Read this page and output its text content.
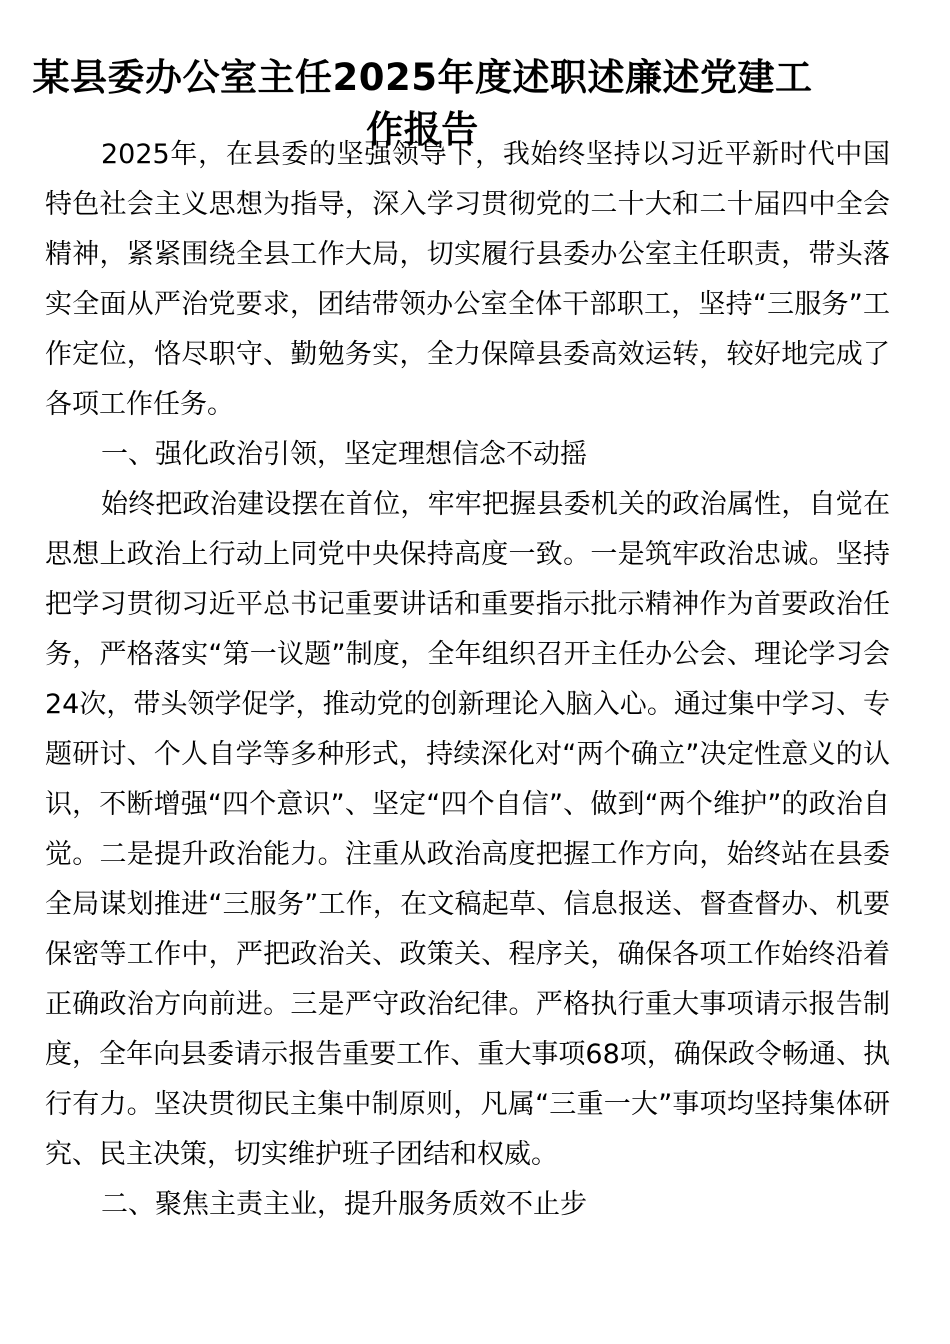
某县委办公室主任2025年度述职述廉述党建工作报告

2025年，在县委的坚强领导下，我始终坚持以习近平新时代中国特色社会主义思想为指导，深入学习贯彻党的二十大和二十届四中全会精神，紧紧围绕全县工作大局，切实履行县委办公室主任职责，带头落实全面从严治党要求，团结带领办公室全体干部职工，坚持“三服务”工作定位，恪尽职守、勤勉务实，全力保障县委高效运转，较好地完成了各项工作任务。

一、强化政治引领，坚定理想信念不动摇

始终把政治建设摆在首位，牢牢把握县委机关的政治属性，自觉在思想上政治上行动上同党中央保持高度一致。一是筑牢政治忠诚。坚持把学习贯彻习近平总书记重要讲话和重要指示批示精神作为首要政治任务，严格落实“第一议题”制度，全年组织召开主任办公会、理论学习会24次，带头领学促学，推动党的创新理论入脑入心。通过集中学习、专题研讨、个人自学等多种形式，持续深化对“两个确立”决定性意义的认识，不断增强“四个意识”、坚定“四个自信”、做到“两个维护”的政治自觉。二是提升政治能力。注重从政治高度把握工作方向，始终站在县委全局谋划推进“三服务”工作，在文稿起草、信息报送、督查督办、机要保密等工作中，严把政治关、政策关、程序关，确保各项工作始终沿着正确政治方向前进。三是严守政治纪律。严格执行重大事项请示报告制度，全年向县委请示报告重要工作、重大事项68项，确保政令畅通、执行有力。坚决贯彻民主集中制原则，凡属“三重一大”事项均坚持集体研究、民主决策，切实维护班子团结和权威。

二、聚焦主责主业，提升服务质效不止步
